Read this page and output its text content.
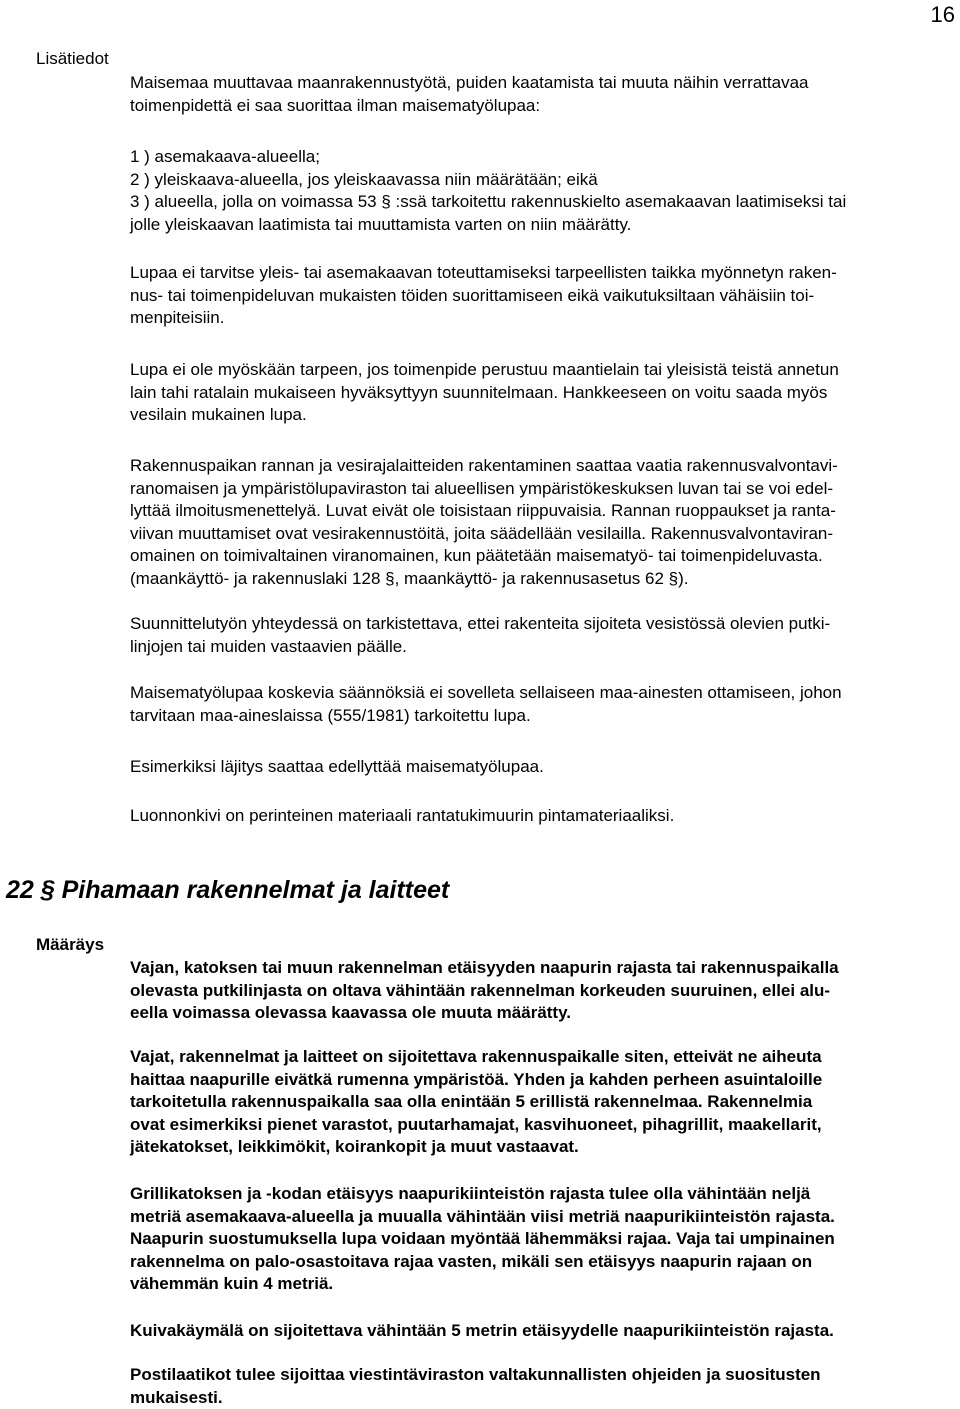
16
Lisätiedot

Maisemaa muuttavaa maanrakennustyötä, puiden kaatamista tai muuta näihin verrattavaa

toimenpidettä ei saa suorittaa ilman maisematyölupaa:

1 ) asemakaava-alueella;

2 ) yleiskaava-alueella, jos yleiskaavassa niin määrätään; eikä

3 ) alueella, jolla on voimassa 53 § :ssä tarkoitettu rakennuskielto asemakaavan laatimiseksi tai

jolle yleiskaavan laatimista tai muuttamista varten on niin määrätty.

Lupaa ei tarvitse yleis- tai asemakaavan toteuttamiseksi tarpeellisten taikka myönnetyn raken-

nus- tai toimenpideluvan mukaisten töiden suorittamiseen eikä vaikutuksiltaan vähäisiin toi-

menpiteisiin.

Lupa ei ole myöskään tarpeen, jos toimenpide perustuu maantielain tai yleisistä teistä annetun

lain tahi ratalain mukaiseen hyväksyttyyn suunnitelmaan. Hankkeeseen on voitu saada myös

vesilain mukainen lupa.

Rakennuspaikan rannan ja vesirajalaitteiden rakentaminen saattaa vaatia rakennusvalvontavi-

ranomaisen ja ympäristölupaviraston tai alueellisen ympäristökeskuksen luvan tai se voi edel-

lyttää ilmoitusmenettelyä. Luvat eivät ole toisistaan riippuvaisia. Rannan ruoppaukset ja ranta-

viivan muuttamiset ovat vesirakennustöitä, joita säädellään vesilailla. Rakennusvalvontaviran-

omainen on toimivaltainen viranomainen, kun päätetään maisematyö- tai toimenpideluvasta.

(maankäyttö- ja rakennuslaki 128 §, maankäyttö- ja rakennusasetus 62 §).

Suunnittelutyön yhteydessä on tarkistettava, ettei rakenteita sijoiteta vesistössä olevien putki-

linjojen tai muiden vastaavien päälle.

Maisematyölupaa koskevia säännöksiä ei sovelleta sellaiseen maa-ainesten ottamiseen, johon

tarvitaan maa-aineslaissa (555/1981) tarkoitettu lupa.

Esimerkiksi läjitys saattaa edellyttää maisematyölupaa.

Luonnonkivi on perinteinen materiaali rantatukimuurin pintamateriaaliksi.

22 § Pihamaan rakennelmat ja laitteet
Määräys

Vajan, katoksen tai muun rakennelman etäisyyden naapurin rajasta tai rakennuspaikalla

olevasta putkilinjasta on oltava vähintään rakennelman korkeuden suuruinen, ellei alu-

eella voimassa olevassa kaavassa ole muuta määrätty.

Vajat, rakennelmat ja laitteet on sijoitettava rakennuspaikalle siten, etteivät ne aiheuta

haittaa naapurille eivätkä rumenna ympäristöä. Yhden ja kahden perheen asuintaloille

tarkoitetulla rakennuspaikalla saa olla enintään 5 erillistä rakennelmaa. Rakennelmia

ovat esimerkiksi pienet varastot, puutarhamajat, kasvihuoneet, pihagrillit, maakellarit,

jätekatokset, leikkimökit, koirankopit ja muut vastaavat.

Grillikatoksen ja -kodan etäisyys naapurikiinteistön rajasta tulee olla vähintään neljä

metriä asemakaava-alueella ja muualla vähintään viisi metriä naapurikiinteistön rajasta.

Naapurin suostumuksella lupa voidaan myöntää lähemmäksi rajaa. Vaja tai umpinainen

rakennelma on palo-osastoitava rajaa vasten, mikäli sen etäisyys naapurin rajaan on

vähemmän kuin 4 metriä.

Kuivakäymälä on sijoitettava vähintään 5 metrin etäisyydelle naapurikiinteistön rajasta.

Postilaatikot tulee sijoittaa viestintäviraston valtakunnallisten ohjeiden ja suositusten

mukaisesti.
